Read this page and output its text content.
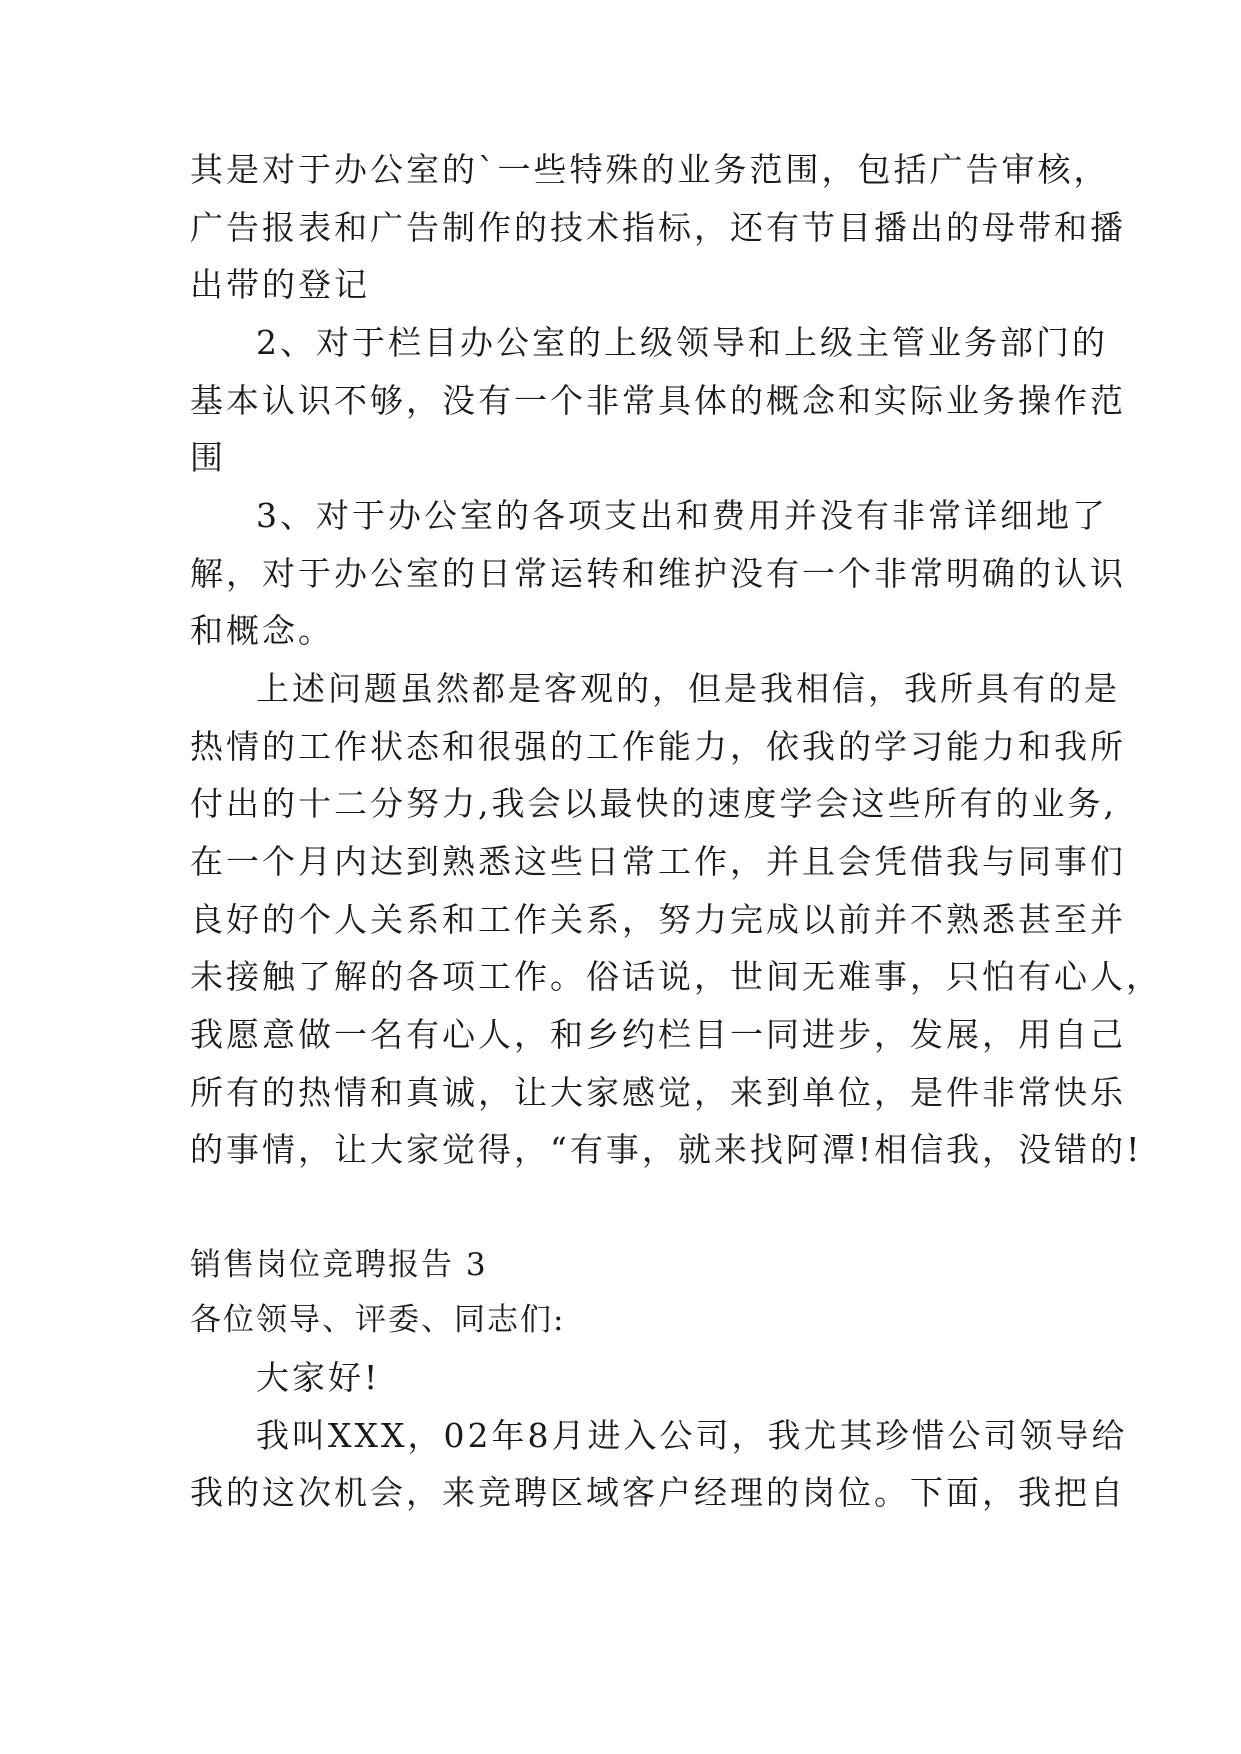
其是对于办公室的`一些特殊的业务范围，包括广告审核，
广告报表和广告制作的技术指标，还有节目播出的母带和播
出带的登记
2、对于栏目办公室的上级领导和上级主管业务部门的
基本认识不够，没有一个非常具体的概念和实际业务操作范
围
3、对于办公室的各项支出和费用并没有非常详细地了
解，对于办公室的日常运转和维护没有一个非常明确的认识
和概念。
上述问题虽然都是客观的，但是我相信，我所具有的是
热情的工作状态和很强的工作能力，依我的学习能力和我所
付出的十二分努力,我会以最快的速度学会这些所有的业务,
在一个月内达到熟悉这些日常工作，并且会凭借我与同事们
良好的个人关系和工作关系，努力完成以前并不熟悉甚至并
未接触了解的各项工作。俗话说，世间无难事，只怕有心人，
我愿意做一名有心人，和乡约栏目一同进步，发展，用自己
所有的热情和真诚，让大家感觉，来到单位，是件非常快乐
的事情，让大家觉得，“有事，就来找阿潭!相信我，没错的!
销售岗位竞聘报告 3
各位领导、评委、同志们:
大家好!
我叫XXX，02年8月进入公司，我尤其珍惜公司领导给
我的这次机会，来竞聘区域客户经理的岗位。下面，我把自
